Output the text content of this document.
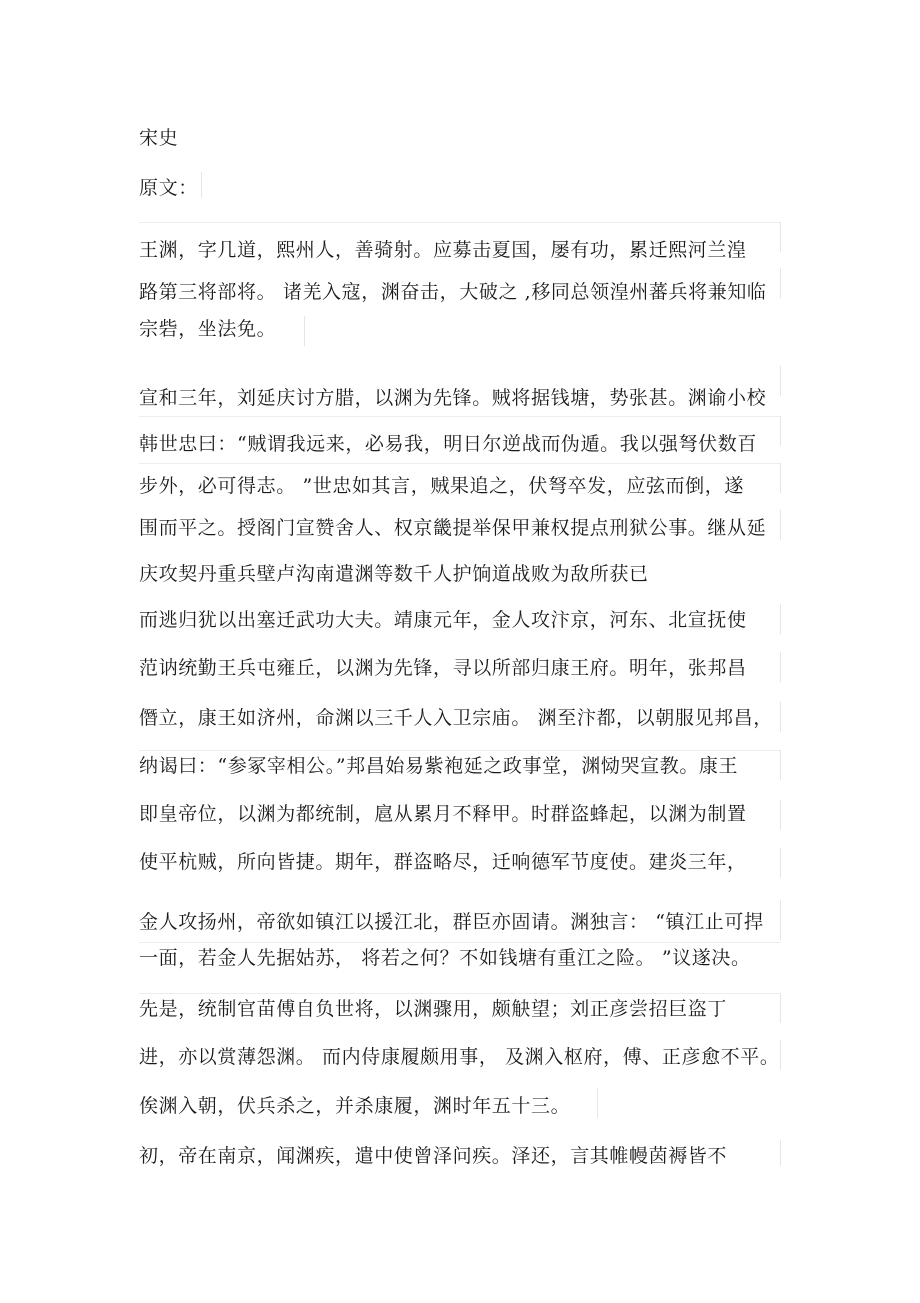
宋史

原文：

王渊，字几道，熙州人，善骑射。应募击夏国，屡有功，累迁熙河兰湟

路第三将部将。 诸羌入寇，渊奋击，大破之 ,移同总领湟州蕃兵将兼知临

宗砦，坐法免。

宣和三年，刘延庆讨方腊，以渊为先锋。贼将据钱塘，势张甚。渊谕小校

韩世忠曰：“贼谓我远来，必易我，明日尔逆战而伪遁。我以强弩伏数百

步外，必可得志。 ”世忠如其言，贼果追之，伏弩卒发，应弦而倒，遂

围而平之。授阁门宣赞舍人、权京畿提举保甲兼权提点刑狱公事。继从延

庆攻契丹重兵壁卢沟南遣渊等数千人护饷道战败为敌所获已

而逃归犹以出塞迁武功大夫。靖康元年，金人攻汴京，河东、北宣抚使

范讷统勤王兵屯雍丘，以渊为先锋，寻以所部归康王府。明年，张邦昌

僭立，康王如济州，命渊以三千人入卫宗庙。 渊至汴都，以朝服见邦昌，

纳谒曰：“参冢宰相公。”邦昌始易紫袍延之政事堂，渊恸哭宣教。康王

即皇帝位，以渊为都统制，扈从累月不释甲。时群盗蜂起，以渊为制置

使平杭贼，所向皆捷。期年，群盗略尽，迁响德军节度使。建炎三年，

金人攻扬州，帝欲如镇江以援江北，群臣亦固请。渊独言： “镇江止可捍

一面，若金人先据姑苏， 将若之何？不如钱塘有重江之险。 ”议遂决。

先是，统制官苗傅自负世将，以渊骤用，颇觖望；刘正彦尝招巨盗丁

进，亦以赏薄怨渊。 而内侍康履颇用事， 及渊入枢府，傅、正彦愈不平。

俟渊入朝，伏兵杀之，并杀康履，渊时年五十三。

初，帝在南京，闻渊疾，遣中使曾泽问疾。泽还，言其帷幔茵褥皆不
